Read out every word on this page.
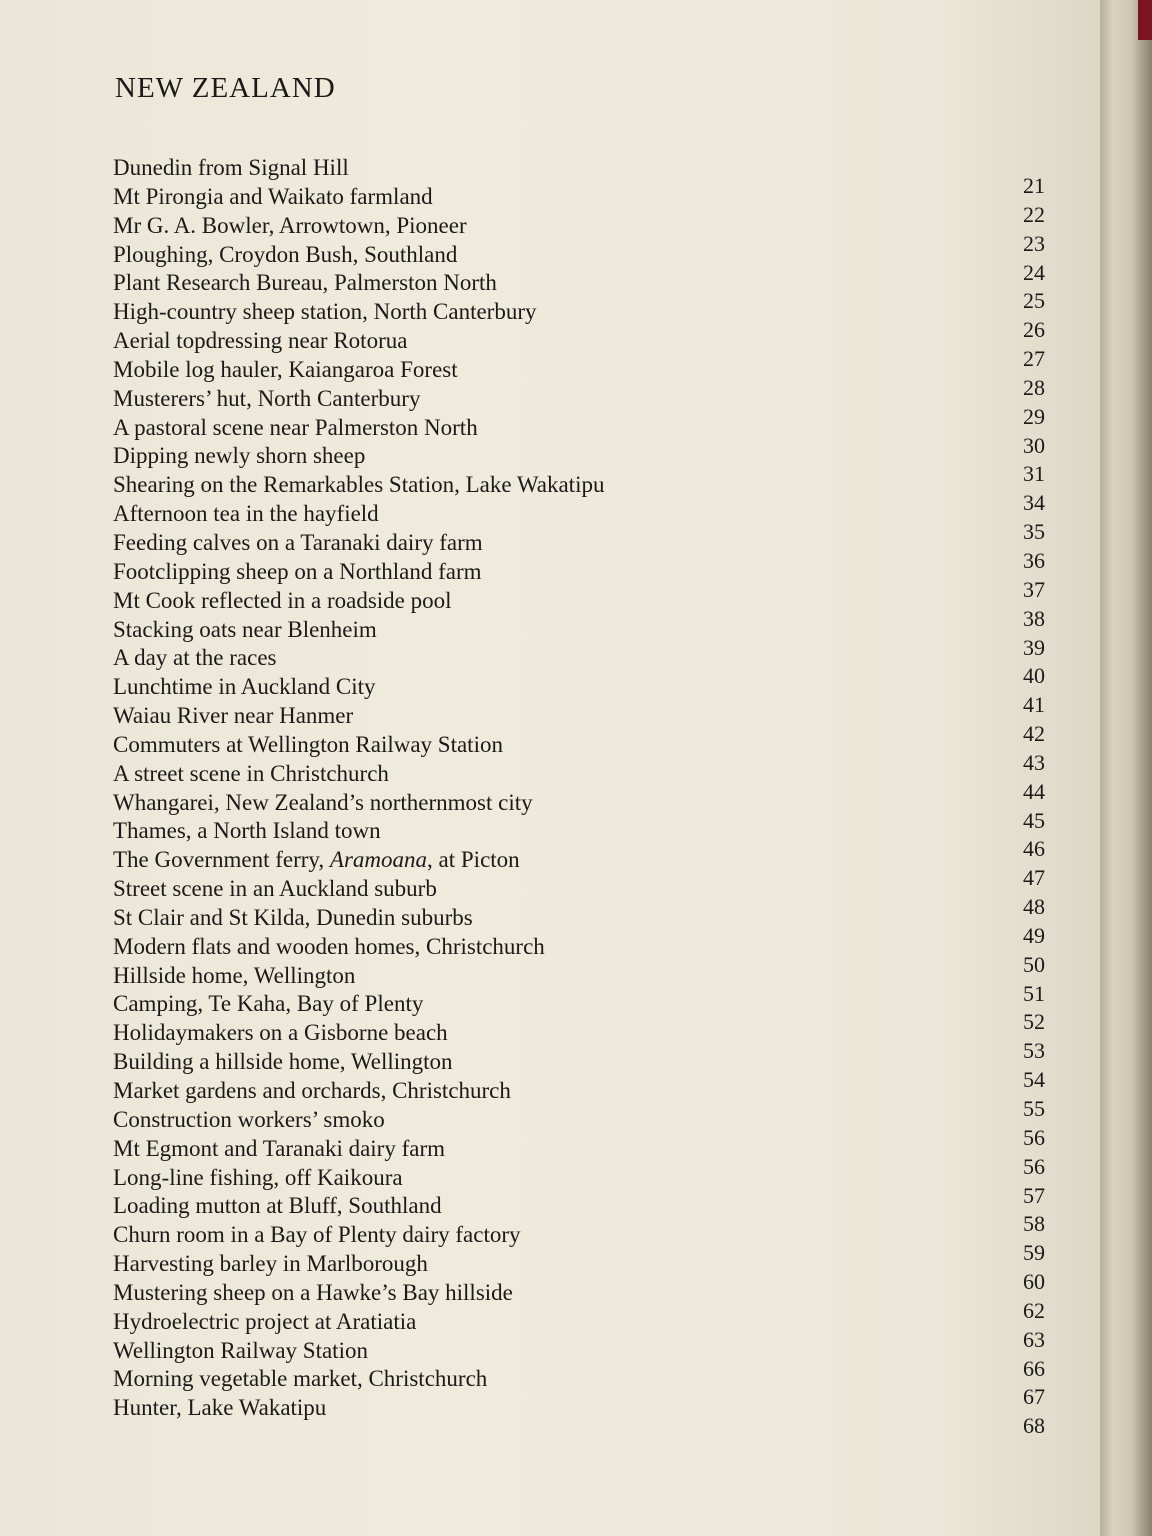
NEW ZEALAND
Dunedin from Signal Hill
Mt Pirongia and Waikato farmland
Mr G. A. Bowler, Arrowtown, Pioneer
Ploughing, Croydon Bush, Southland
Plant Research Bureau, Palmerston North
High-country sheep station, North Canterbury
Aerial topdressing near Rotorua
Mobile log hauler, Kaiangaroa Forest
Musterers’ hut, North Canterbury
A pastoral scene near Palmerston North
Dipping newly shorn sheep
Shearing on the Remarkables Station, Lake Wakatipu
Afternoon tea in the hayfield
Feeding calves on a Taranaki dairy farm
Footclipping sheep on a Northland farm
Mt Cook reflected in a roadside pool
Stacking oats near Blenheim
A day at the races
Lunchtime in Auckland City
Waiau River near Hanmer
Commuters at Wellington Railway Station
A street scene in Christchurch
Whangarei, New Zealand’s northernmost city
Thames, a North Island town
The Government ferry, Aramoana, at Picton
Street scene in an Auckland suburb
St Clair and St Kilda, Dunedin suburbs
Modern flats and wooden homes, Christchurch
Hillside home, Wellington
Camping, Te Kaha, Bay of Plenty
Holidaymakers on a Gisborne beach
Building a hillside home, Wellington
Market gardens and orchards, Christchurch
Construction workers’ smoko
Mt Egmont and Taranaki dairy farm
Long-line fishing, off Kaikoura
Loading mutton at Bluff, Southland
Churn room in a Bay of Plenty dairy factory
Harvesting barley in Marlborough
Mustering sheep on a Hawke’s Bay hillside
Hydroelectric project at Aratiatia
Wellington Railway Station
Morning vegetable market, Christchurch
Hunter, Lake Wakatipu
21
22
23
24
25
26
27
28
29
30
31
34
35
36
37
38
39
40
41
42
43
44
45
46
47
48
49
50
51
52
53
54
55
56
56
57
58
59
60
62
63
66
67
68
